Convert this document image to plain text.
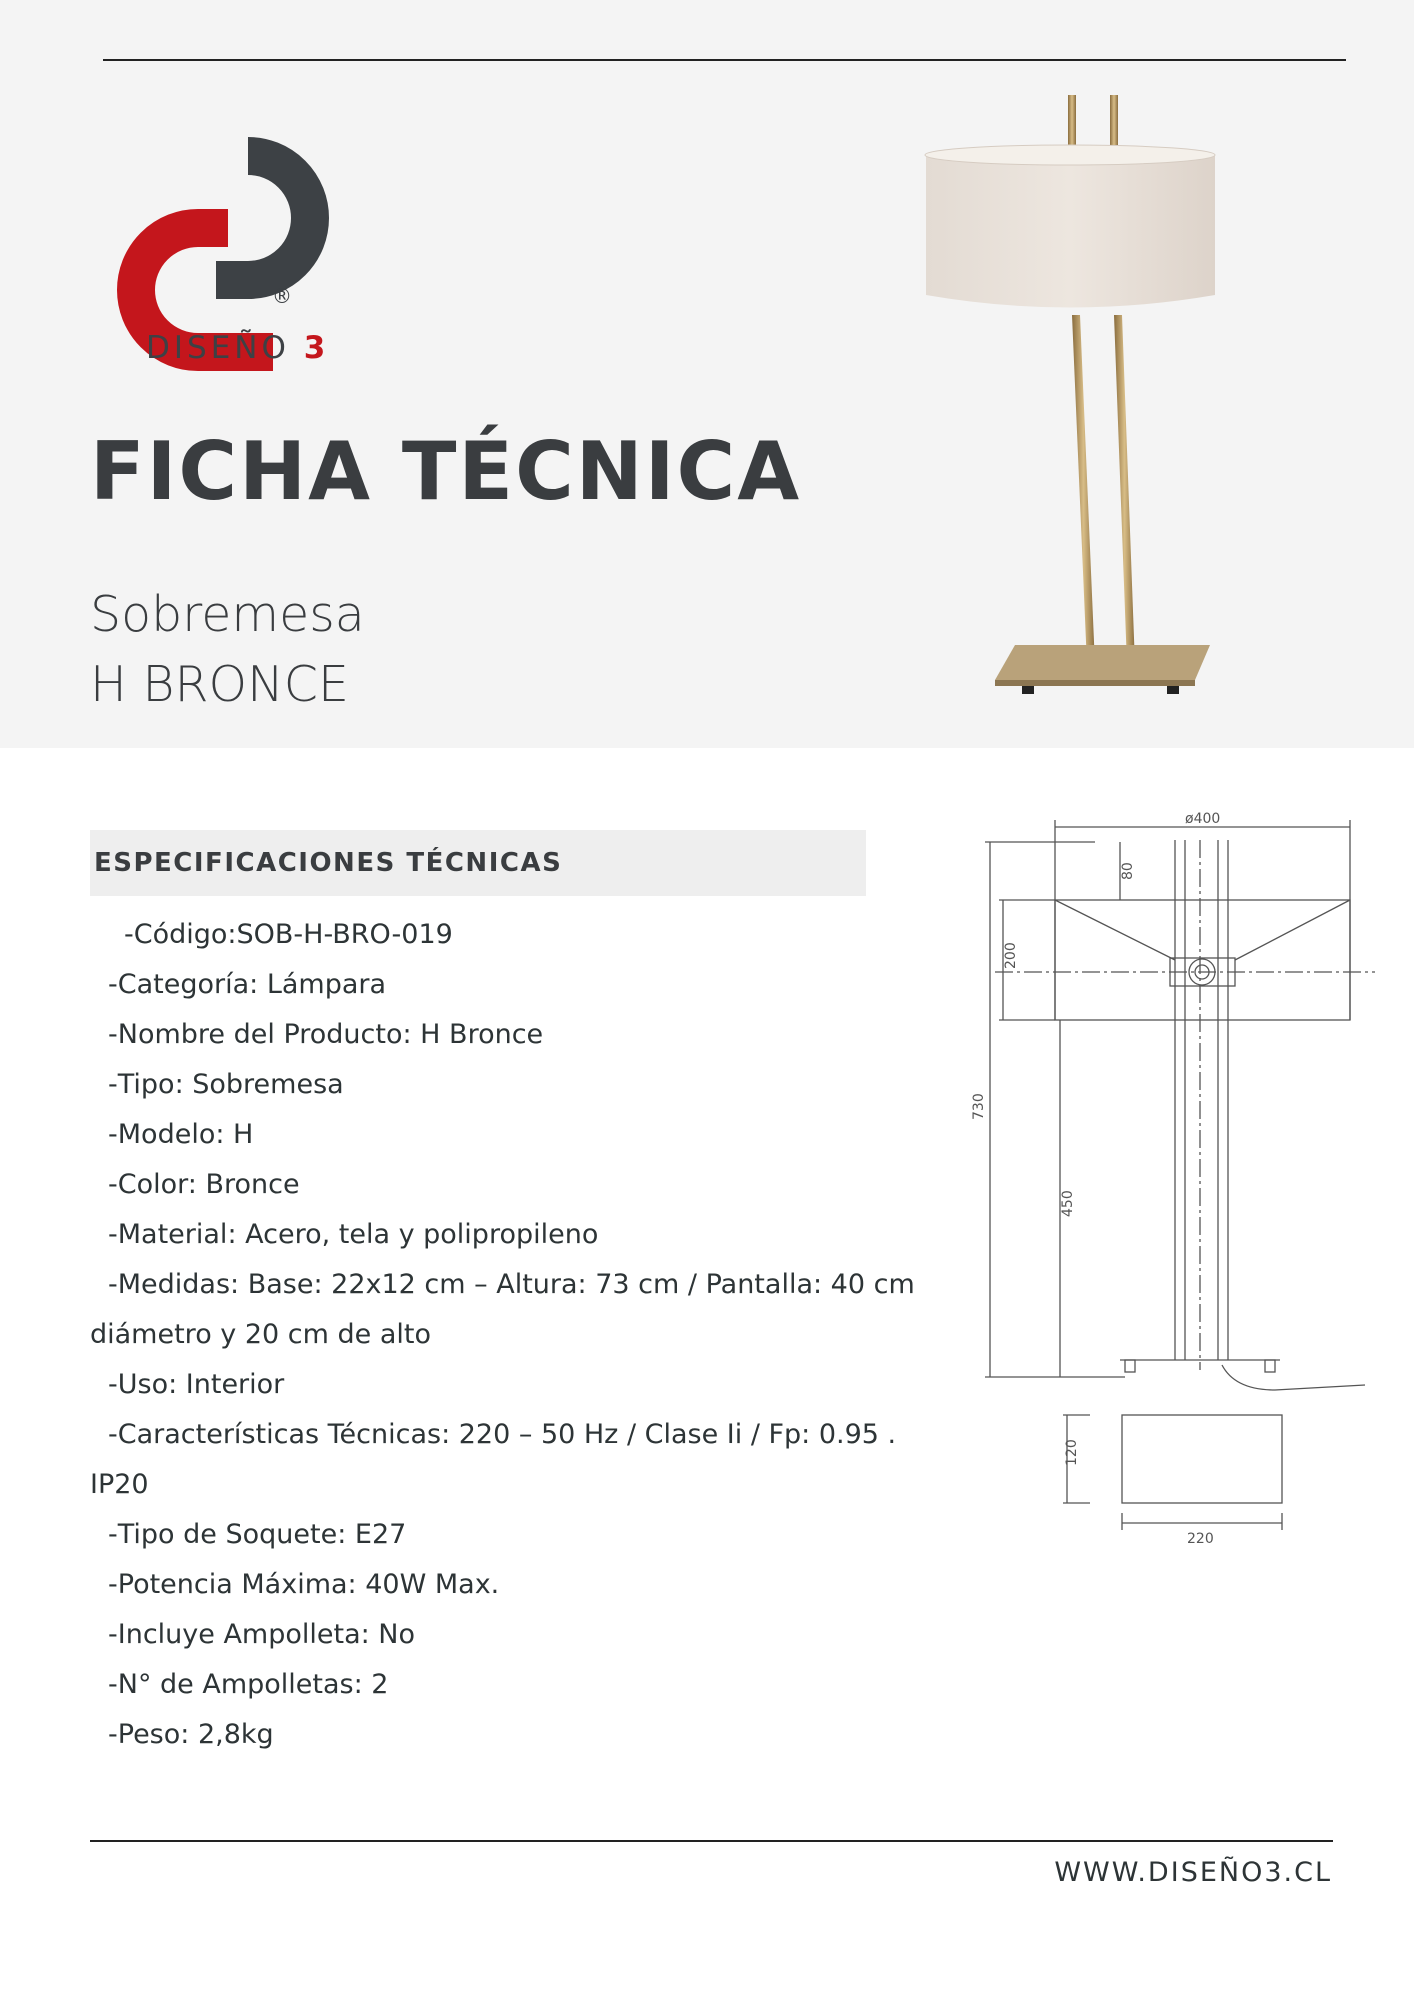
®
DISEÑO 3
FICHA TÉCNICA
Sobremesa
H BRONCE
ESPECIFICACIONES TÉCNICAS
-Código:SOB-H-BRO-019
-Categoría: Lámpara
-Nombre del Producto: H Bronce
-Tipo: Sobremesa
-Modelo: H
-Color: Bronce
-Material: Acero, tela y polipropileno
-Medidas: Base: 22x12 cm – Altura: 73 cm / Pantalla: 40 cm
diámetro y 20 cm de alto
-Uso: Interior
-Características Técnicas: 220 – 50 Hz / Clase Ii / Fp: 0.95 .
IP20
-Tipo de Soquete: E27
-Potencia Máxima: 40W Max.
-Incluye Ampolleta: No
-N° de Ampolletas: 2
-Peso: 2,8kg
ø400
730
200
80
450
120
220
WWW.DISEÑO3.CL
